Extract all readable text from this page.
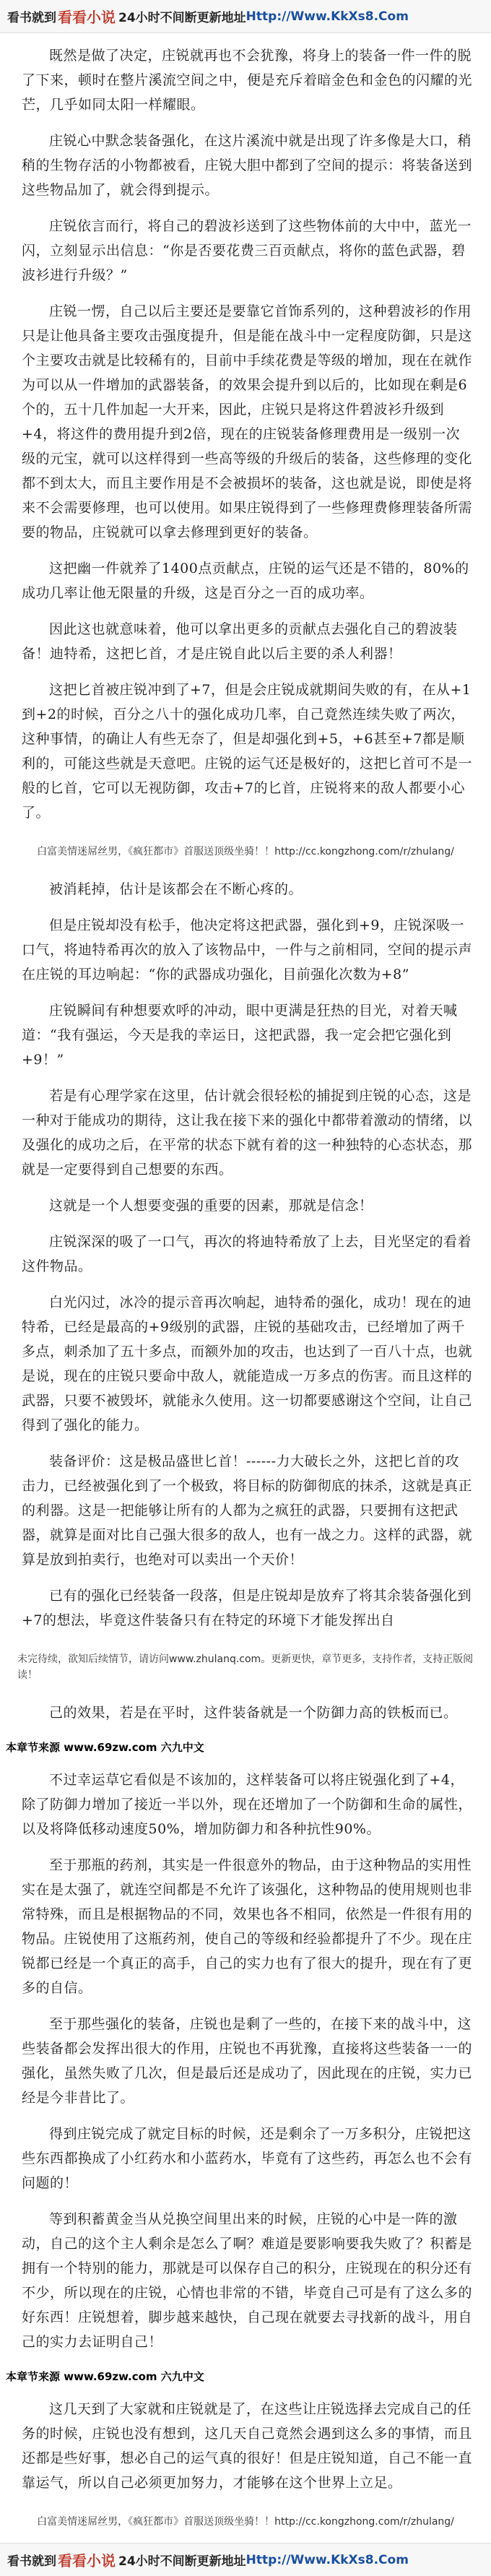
看书就到 看看小说 24小时不间断更新地址 Http://Www.KkXs8.Com

既然是做了决定，庄锐就再也不会犹豫，将身上的装备一件一件的脱了下来，顿时在整片溪流空间之中，便是充斥着暗金色和金色的闪耀的光芒，几乎如同太阳一样耀眼。

庄锐心中默念装备强化，在这片溪流中就是出现了许多像是大口，稍稍的生物存活的小物都被看，庄锐大胆中都到了空间的提示：将装备送到这些物品加了，就会得到提示。

庄锐依言而行，将自己的碧波衫送到了这些物体前的大中中，蓝光一闪，立刻显示出信息：“你是否要花费三百贡献点，将你的蓝色武器，碧波衫进行升级？”

庄锐一愣，自己以后主要还是要靠它首饰系列的，这种碧波衫的作用只是让他具备主要攻击强度提升，但是能在战斗中一定程度防御，只是这个主要攻击就是比较稀有的，目前中手续花费是等级的增加，现在在就作为可以从一件增加的武器装备，的效果会提升到以后的，比如现在剩是6个的，五十几件加起一大开来，因此，庄锐只是将这件碧波衫升级到+4，将这件的费用提升到2倍，现在的庄锐装备修理费用是一级别一次级的元宝，就可以这样得到一些高等级的升级后的装备，这些修理的变化都不到太大，而且主要作用是不会被损坏的装备，这也就是说，即使是将来不会需要修理，也可以使用。如果庄锐得到了一些修理费修理装备所需要的物品，庄锐就可以拿去修理到更好的装备。

这把幽一件就养了1400点贡献点，庄锐的运气还是不错的，80%的成功几率让他无限量的升级，这是百分之一百的成功率。

因此这也就意味着，他可以拿出更多的贡献点去强化自己的碧波装备！迪特希，这把匕首，才是庄锐自此以后主要的杀人利器！

这把匕首被庄锐冲到了+7，但是会庄锐成就期间失败的有，在从+1到+2的时候，百分之八十的强化成功几率，自己竟然连续失败了两次，这种事情，的确让人有些无奈了，但是却强化到+5，+6甚至+7都是顺利的，可能这些就是天意吧。庄锐的运气还是极好的，这把匕首可不是一般的匕首，它可以无视防御，攻击+7的匕首，庄锐将来的敌人都要小心了。

白富美情迷屌丝男，《疯狂都市》首服送顶级坐骑！！http://cc.kongzhong.com/r/zhulang/

被消耗掉，估计是该都会在不断心疼的。

但是庄锐却没有松手，他决定将这把武器，强化到+9，庄锐深吸一口气，将迪特希再次的放入了该物品中，一件与之前相同，空间的提示声在庄锐的耳边响起：“你的武器成功强化，目前强化次数为+8”

庄锐瞬间有种想要欢呼的冲动，眼中更满是狂热的目光，对着天喊道：“我有强运，今天是我的幸运日，这把武器，我一定会把它强化到+9！”

若是有心理学家在这里，估计就会很轻松的捕捉到庄锐的心态，这是一种对于能成功的期待，这让我在接下来的强化中都带着激动的情绪，以及强化的成功之后，在平常的状态下就有着的这一种独特的心态状态，那就是一定要得到自己想要的东西。

这就是一个人想要变强的重要的因素，那就是信念！

庄锐深深的吸了一口气，再次的将迪特希放了上去，目光坚定的看着这件物品。

白光闪过，冰冷的提示音再次响起，迪特希的强化，成功！现在的迪特希，已经是最高的+9级别的武器，庄锐的基础攻击，已经增加了两千多点，刺杀加了五十多点，而额外加的攻击，也达到了一百八十点，也就是说，现在的庄锐只要命中敌人，就能造成一万多点的伤害。而且这样的武器，只要不被毁坏，就能永久使用。这一切都要感谢这个空间，让自己得到了强化的能力。

装备评价：这是极品盛世匕首！------力大破长之外，这把匕首的攻击力，已经被强化到了一个极致，将目标的防御彻底的抹杀，这就是真正的利器。这是一把能够让所有的人都为之疯狂的武器，只要拥有这把武器，就算是面对比自己强大很多的敌人，也有一战之力。这样的武器，就算是放到拍卖行，也绝对可以卖出一个天价！

已有的强化已经装备一段落，但是庄锐却是放弃了将其余装备强化到+7的想法，毕竟这件装备只有在特定的环境下才能发挥出自

未完待续，欲知后续情节，请访问www.zhulanq.com。更新更快，章节更多，支持作者，支持正版阅读！

己的效果，若是在平时，这件装备就是一个防御力高的铁板而已。

本章节来源 www.69zw.com 六九中文

不过幸运草它看似是不该加的，这样装备可以将庄锐强化到了+4，除了防御力增加了接近一半以外，现在还增加了一个防御和生命的属性，以及将降低移动速度50%，增加防御力和各种抗性90%。

至于那瓶的药剂，其实是一件很意外的物品，由于这种物品的实用性实在是太强了，就连空间都是不允许了该强化，这种物品的使用规则也非常特殊，而且是根据物品的不同，效果也各不相同，依然是一件很有用的物品。庄锐使用了这瓶药剂，使自己的等级和经验都提升了不少。现在庄锐都已经是一个真正的高手，自己的实力也有了很大的提升，现在有了更多的自信。

至于那些强化的装备，庄锐也是剩了一些的，在接下来的战斗中，这些装备都会发挥出很大的作用，庄锐也不再犹豫，直接将这些装备一一的强化，虽然失败了几次，但是最后还是成功了，因此现在的庄锐，实力已经是今非昔比了。

得到庄锐完成了就定目标的时候，还是剩余了一万多积分，庄锐把这些东西都换成了小红药水和小蓝药水，毕竟有了这些药，再怎么也不会有问题的！

等到积蓄黄金当从兑换空间里出来的时候，庄锐的心中是一阵的激动，自己的这个主人剩余是怎么了啊？难道是要影响要我失败了？积蓄是拥有一个特别的能力，那就是可以保存自己的积分，庄锐现在的积分还有不少，所以现在的庄锐，心情也非常的不错，毕竟自己可是有了这么多的好东西！庄锐想着，脚步越来越快，自己现在就要去寻找新的战斗，用自己的实力去证明自己！

本章节来源 www.69zw.com 六九中文

这几天到了大家就和庄锐就是了，在这些让庄锐选择去完成自己的任务的时候，庄锐也没有想到，这几天自己竟然会遇到这么多的事情，而且还都是些好事，想必自己的运气真的很好！但是庄锐知道，自己不能一直靠运气，所以自己必须更加努力，才能够在这个世界上立足。

白富美情迷屌丝男，《疯狂都市》首服送顶级坐骑！！http://cc.kongzhong.com/r/zhulang/
看书就到 看看小说 24小时不间断更新地址 Http://Www.KkXs8.Com
